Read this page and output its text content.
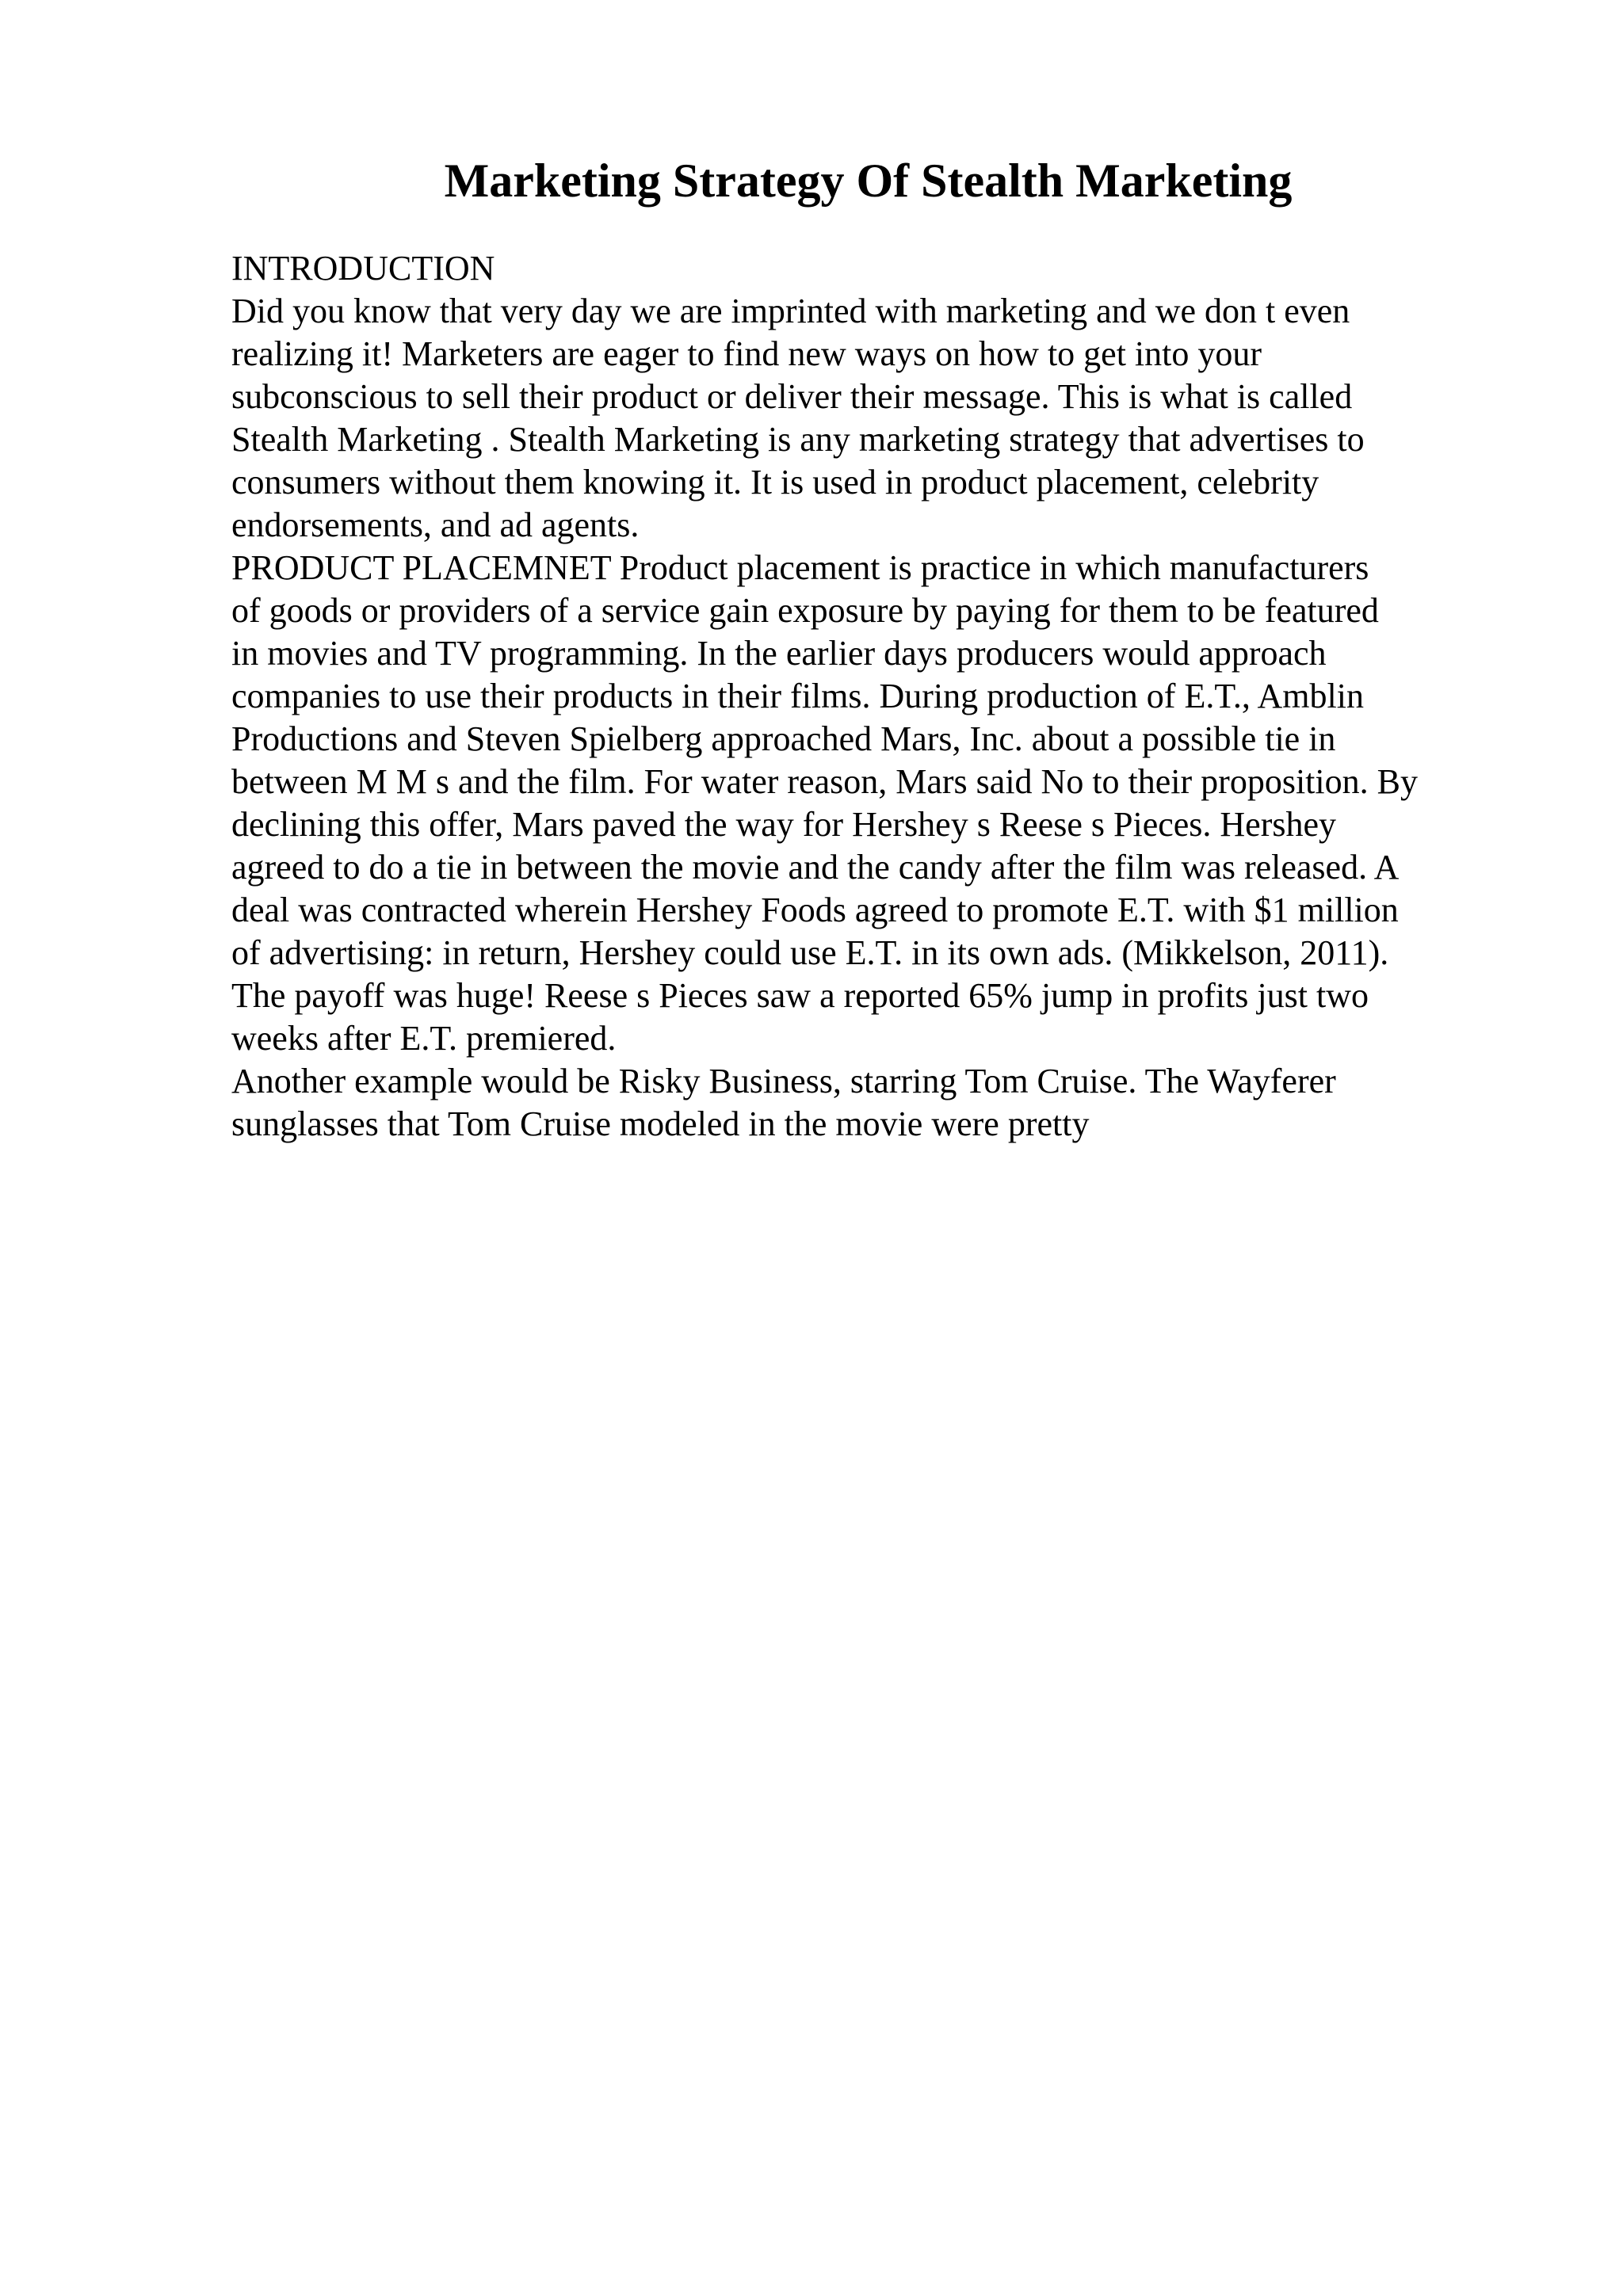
Marketing Strategy Of Stealth Marketing
INTRODUCTION
Did you know that very day we are imprinted with marketing and we don t even
realizing it! Marketers are eager to find new ways on how to get into your
subconscious to sell their product or deliver their message. This is what is called
Stealth Marketing . Stealth Marketing is any marketing strategy that advertises to
consumers without them knowing it. It is used in product placement, celebrity
endorsements, and ad agents.
PRODUCT PLACEMNET Product placement is practice in which manufacturers
of goods or providers of a service gain exposure by paying for them to be featured
in movies and TV programming. In the earlier days producers would approach
companies to use their products in their films. During production of E.T., Amblin
Productions and Steven Spielberg approached Mars, Inc. about a possible tie in
between M M s and the film. For water reason, Mars said No to their proposition. By
declining this offer, Mars paved the way for Hershey s Reese s Pieces. Hershey
agreed to do a tie in between the movie and the candy after the film was released. A
deal was contracted wherein Hershey Foods agreed to promote E.T. with $1 million
of advertising: in return, Hershey could use E.T. in its own ads. (Mikkelson, 2011).
The payoff was huge! Reese s Pieces saw a reported 65% jump in profits just two
weeks after E.T. premiered.
Another example would be Risky Business, starring Tom Cruise. The Wayferer
sunglasses that Tom Cruise modeled in the movie were pretty
